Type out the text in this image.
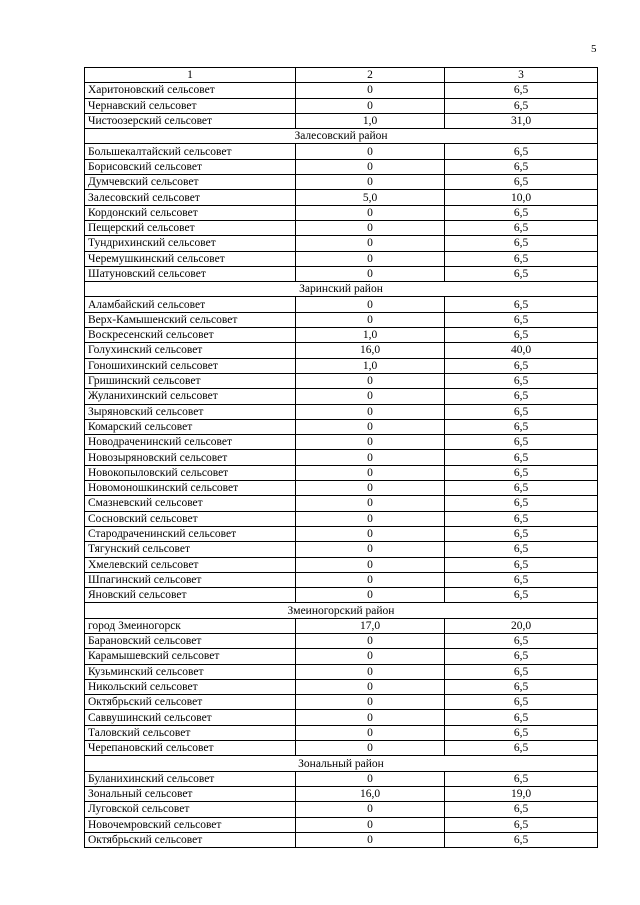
5
1	2	3
Харитоновский сельсовет	0	6,5
Чернавский сельсовет	0	6,5
Чистоозерский сельсовет	1,0	31,0
Залесовский район		
Большекалтайский сельсовет	0	6,5
Борисовский сельсовет	0	6,5
Думчевский сельсовет	0	6,5
Залесовский сельсовет	5,0	10,0
Кордонский сельсовет	0	6,5
Пещерский сельсовет	0	6,5
Тундрихинский сельсовет	0	6,5
Черемушкинский сельсовет	0	6,5
Шатуновский сельсовет	0	6,5
Заринский район		
Аламбайский сельсовет	0	6,5
Верх-Камышенский сельсовет	0	6,5
Воскресенский сельсовет	1,0	6,5
Голухинский сельсовет	16,0	40,0
Гоношихинский сельсовет	1,0	6,5
Гришинский сельсовет	0	6,5
Жуланихинский сельсовет	0	6,5
Зыряновский сельсовет	0	6,5
Комарский сельсовет	0	6,5
Новодраченинский сельсовет	0	6,5
Новозыряновский сельсовет	0	6,5
Новокопыловский сельсовет	0	6,5
Новомоношкинский сельсовет	0	6,5
Смазневский сельсовет	0	6,5
Сосновский сельсовет	0	6,5
Стародраченинский сельсовет	0	6,5
Тягунский сельсовет	0	6,5
Хмелевский сельсовет	0	6,5
Шпагинский сельсовет	0	6,5
Яновский сельсовет	0	6,5
Змеиногорский район		
город Змеиногорск	17,0	20,0
Барановский сельсовет	0	6,5
Карамышевский сельсовет	0	6,5
Кузьминский сельсовет	0	6,5
Никольский сельсовет	0	6,5
Октябрьский сельсовет	0	6,5
Саввушинский сельсовет	0	6,5
Таловский сельсовет	0	6,5
Черепановский сельсовет	0	6,5
Зональный район		
Буланихинский сельсовет	0	6,5
Зональный сельсовет	16,0	19,0
Луговской сельсовет	0	6,5
Новочемровский сельсовет	0	6,5
Октябрьский сельсовет	0	6,5
